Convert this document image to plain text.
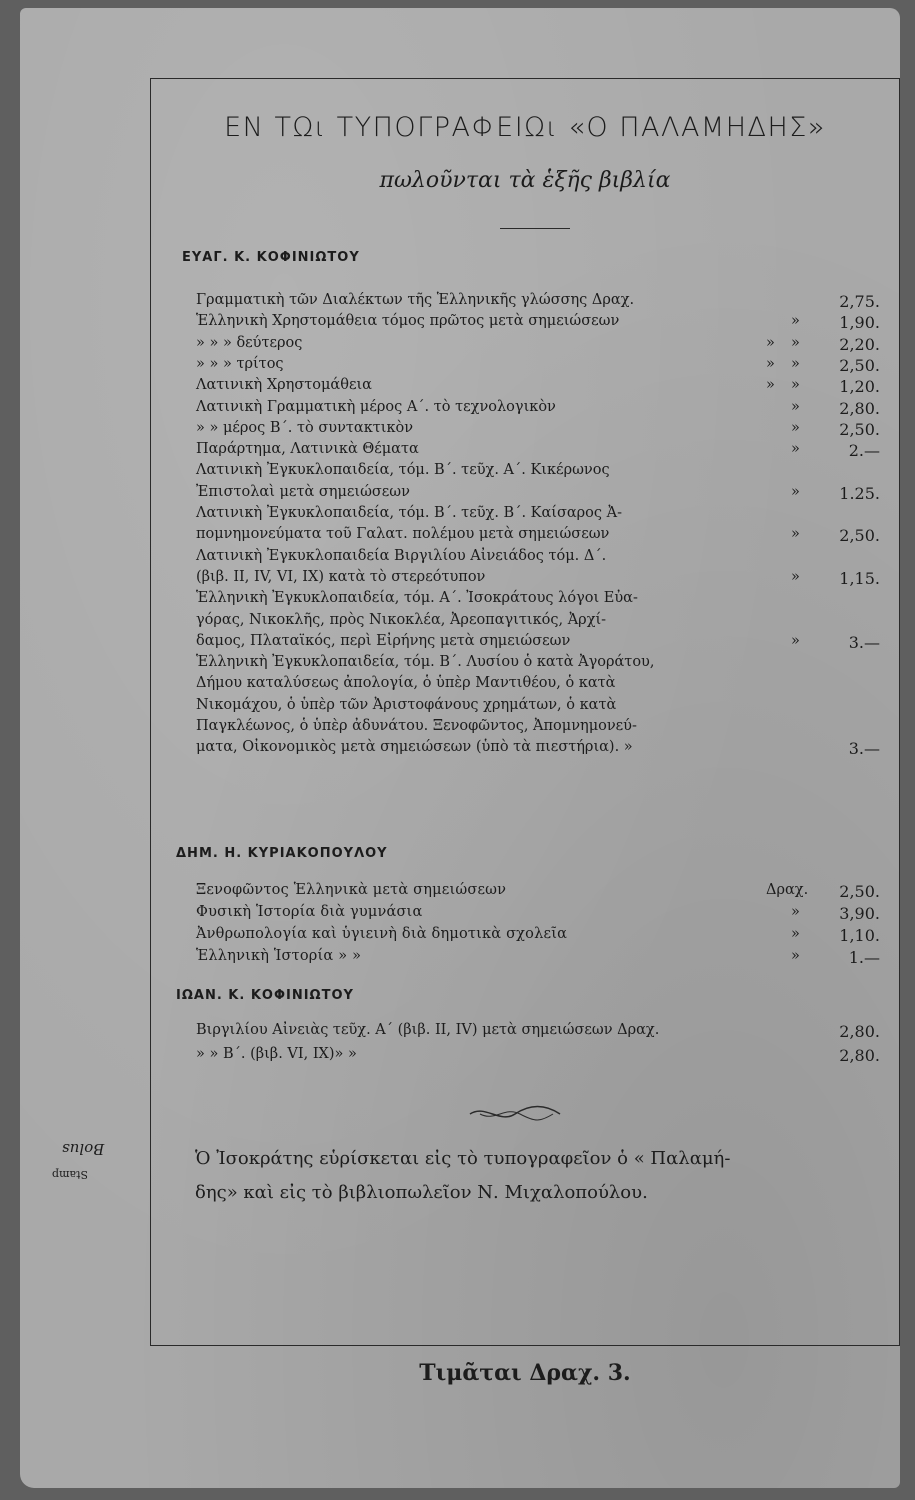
ΕΝ ΤΩι ΤΥΠΟΓΡΑΦΕΙΩι «Ο ΠΑΛΑΜΗΔΗΣ»
πωλοῦνται τὰ ἑξῆς βιβλία
ΕΥΑΓ. Κ. ΚΟΦΙΝΙΩΤΟΥ
Γραμματικὴ τῶν Διαλέκτων τῆς Ἑλληνικῆς γλώσσης Δραχ.	2,75.
Ἑλληνικὴ Χρηστομάθεια τόμος πρῶτος μετὰ σημειώσεων	» 1,90.
» » » δεύτερος	» » 2,20.
» » » τρίτος	» » 2,50.
Λατινικὴ Χρηστομάθεια	» » 1,20.
Λατινικὴ Γραμματικὴ μέρος Α΄. τὸ τεχνολογικὸν	» 2,80.
» » μέρος Β΄. τὸ συντακτικὸν	» 2,50.
Παράρτημα, Λατινικὰ Θέματα	»	2.—
Λατινικὴ Ἐγκυκλοπαιδεία, τόμ. Β΄. τεῦχ. Α΄. Κικέρωνος
Ἐπιστολαὶ μετὰ σημειώσεων	» 1.25.
Λατινικὴ Ἐγκυκλοπαιδεία, τόμ. Β΄. τεῦχ. Β΄. Καίσαρος Ἀ-
πομνημονεύματα τοῦ Γαλατ. πολέμου μετὰ σημειώσεων	» 2,50.
Λατινικὴ Ἐγκυκλοπαιδεία Βιργιλίου Αἰνειάδος τόμ. Δ΄.
(βιβ. II, IV, VI, IX) κατὰ τὸ στερεότυπον	» 1,15.
Ἑλληνικὴ Ἐγκυκλοπαιδεία, τόμ. Α΄. Ἰσοκράτους λόγοι Εὐα-
γόρας, Νικοκλῆς, πρὸς Νικοκλέα, Ἀρεοπαγιτικός, Ἀρχί-
δαμος, Πλαταϊκός, περὶ Εἰρήνης μετὰ σημειώσεων	»	3.—
Ἑλληνικὴ Ἐγκυκλοπαιδεία, τόμ. Β΄. Λυσίου ὁ κατὰ Ἀγοράτου,
Δήμου καταλύσεως ἀπολογία, ὁ ὑπὲρ Μαντιθέου, ὁ κατὰ
Νικομάχου, ὁ ὑπὲρ τῶν Ἀριστοφάνους χρημάτων, ὁ κατὰ
Παγκλέωνος, ὁ ὑπὲρ ἀδυνάτου. Ξενοφῶντος, Ἀπομνημονεύ-
ματα, Οἰκονομικὸς μετὰ σημειώσεων (ὑπὸ τὰ πιεστήρια). »	3.—
ΔΗΜ. Η. ΚΥΡΙΑΚΟΠΟΥΛΟΥ
Ξενοφῶντος Ἑλληνικὰ μετὰ σημειώσεων	Δραχ. 2,50.
Φυσικὴ Ἱστορία διὰ γυμνάσια	» 3,90.
Ἀνθρωπολογία καὶ ὑγιεινὴ διὰ δημοτικὰ σχολεῖα	» 1,10.
Ἑλληνικὴ Ἱστορία » »	»	1.—
ΙΩΑΝ. Κ. ΚΟΦΙΝΙΩΤΟΥ
Βιργιλίου Αἰνειὰς τεῦχ. Α΄ (βιβ. II, IV) μετὰ σημειώσεων Δραχ.	2,80.
» » Β΄. (βιβ. VI, IX)» »	2,80.
Bolus
Stamp
Ὁ Ἰσοκράτης εὑρίσκεται εἰς τὸ τυπογραφεῖον ὁ « Παλαμή-
δης» καὶ εἰς τὸ βιβλιοπωλεῖον Ν. Μιχαλοπούλου.
Τιμᾶται Δραχ. 3.
